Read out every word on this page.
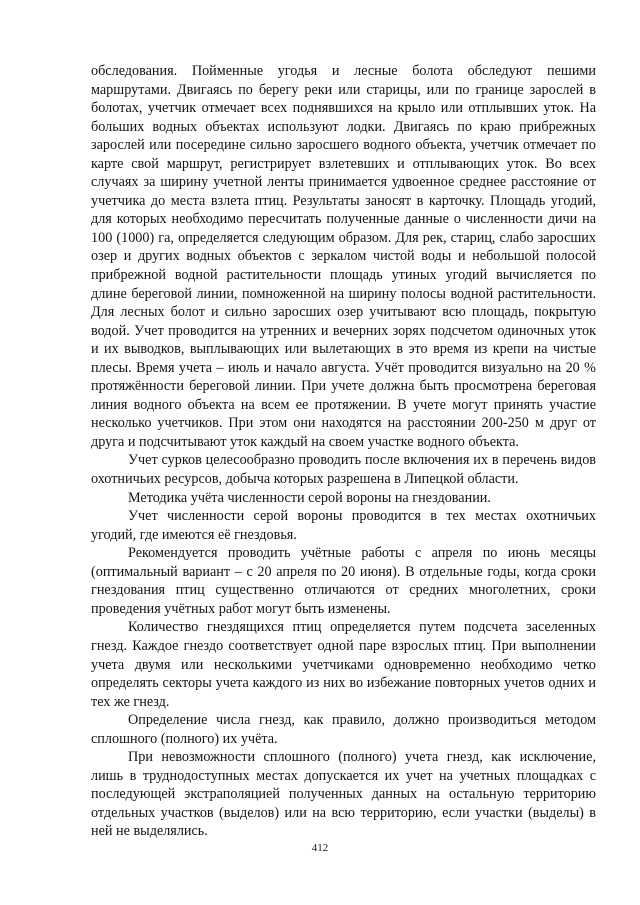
обследования. Пойменные угодья и лесные болота обследуют пешими маршрутами. Двигаясь по берегу реки или старицы, или по границе зарослей в болотах, учетчик отмечает всех поднявшихся на крыло или отплывших уток. На больших водных объектах используют лодки. Двигаясь по краю прибрежных зарослей или посередине сильно заросшего водного объекта, учетчик отмечает по карте свой маршрут, регистрирует взлетевших и отплывающих уток. Во всех случаях за ширину учетной ленты принимается удвоенное среднее расстояние от учетчика до места взлета птиц. Результаты заносят в карточку. Площадь угодий, для которых необходимо пересчитать полученные данные о численности дичи на 100 (1000) га, определяется следующим образом. Для рек, стариц, слабо заросших озер и других водных объектов с зеркалом чистой воды и небольшой полосой прибрежной водной растительности площадь утиных угодий вычисляется по длине береговой линии, помноженной на ширину полосы водной растительности. Для лесных болот и сильно заросших озер учитывают всю площадь, покрытую водой. Учет проводится на утренних и вечерних зорях подсчетом одиночных уток и их выводков, выплывающих или вылетающих в это время из крепи на чистые плесы. Время учета – июль и начало августа. Учёт проводится визуально на 20 % протяжённости береговой линии. При учете должна быть просмотрена береговая линия водного объекта на всем ее протяжении. В учете могут принять участие несколько учетчиков. При этом они находятся на расстоянии 200-250 м друг от друга и подсчитывают уток каждый на своем участке водного объекта.

Учет сурков целесообразно проводить после включения их в перечень видов охотничьих ресурсов, добыча которых разрешена в Липецкой области.

Методика учёта численности серой вороны на гнездовании.

Учет численности серой вороны проводится в тех местах охотничьих угодий, где имеются её гнездовья.

Рекомендуется проводить учётные работы с апреля по июнь месяцы (оптимальный вариант – с 20 апреля по 20 июня). В отдельные годы, когда сроки гнездования птиц существенно отличаются от средних многолетних, сроки проведения учётных работ могут быть изменены.

Количество гнездящихся птиц определяется путем подсчета заселенных гнезд. Каждое гнездо соответствует одной паре взрослых птиц. При выполнении учета двумя или несколькими учетчиками одновременно необходимо четко определять секторы учета каждого из них во избежание повторных учетов одних и тех же гнезд.

Определение числа гнезд, как правило, должно производиться методом сплошного (полного) их учёта.

При невозможности сплошного (полного) учета гнезд, как исключение, лишь в труднодоступных местах допускается их учет на учетных площадках с последующей экстраполяцией полученных данных на остальную территорию отдельных участков (выделов) или на всю территорию, если участки (выделы) в ней не выделялись.

412
